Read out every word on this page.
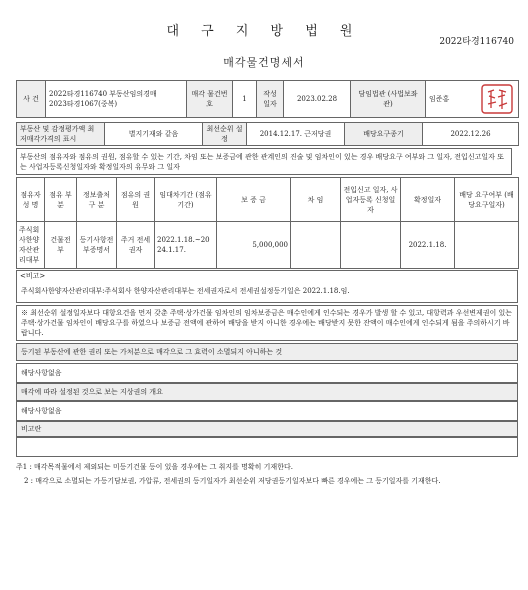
대 구 지 방 법 원
2022타경116740
매각물건명세서
사 건	
2022타경116740 부동산임의경매
2023타경1067(중복)
	매각 물건번호	1	작성 일자	2023.02.28	담임법관 (사법보좌관)	임준홍
부동산 및 감정평가액 최저매각가격의 표시	별지기재와 같음	최선순위 설정	2014.12.17. 근저당권	배당요구종기	2022.12.26
부동산의 점유자와 점유의 권원, 점유할 수 있는 기간, 차임 또는 보증금에 관한 관계인의 진술 및 임차인이 있는 경우 배당요구 여부와 그 일자, 전입신고일자 또는 사업자등록신청일자와 확정일자의 유무와 그 일자
점유자 성 명	점유 부분	정보출처 구 분	점유의 권 원	임대차기간 (점유기간)	보 증 금	차 임	전입신고 일자, 사업자등록 신청일자	확정일자	배당 요구여부 (배당요구일자)
주식회사한양자산관리대부	건물전부	등기사항전부증명서	주거 전세권자	2022.1.18.~2024.1.17.	5,000,000			2022.1.18.	
<비고>
주식회사한양자산관리대부:주식회사 한양자산관리대부는 전세권자로서 전세권설정등기일은 2022.1.18.임.
※ 최선순위 설정일자보다 대항요건을 먼저 갖춘 주택·상가건물 임차인의 임차보증금은 매수인에게 인수되는 경우가 발생 할 수 있고, 대항력과 우선변제권이 있는 주택·상가건물 임차인이 배당요구를 하였으나 보증금 전액에 관하여 배당을 받지 아니한 경우에는 배당받지 못한 잔액이 매수인에게 인수되게 됨을 주의하시기 바랍니다.
등기된 부동산에 관한 권리 또는 가처분으로 매각으로 그 효력이 소멸되지 아니하는 것
해당사항없음
매각에 따라 설정된 것으로 보는 지상권의 개요
해당사항없음
비고란
주1 : 매각목적물에서 제외되는 미등기건물 등이 있을 경우에는 그 취지를 명확히 기재한다.
2 : 매각으로 소멸되는 가등기담보권, 가압류, 전세권의 등기일자가 최선순위 저당권등기일자보다 빠른 경우에는 그 등기일자를 기재한다.
